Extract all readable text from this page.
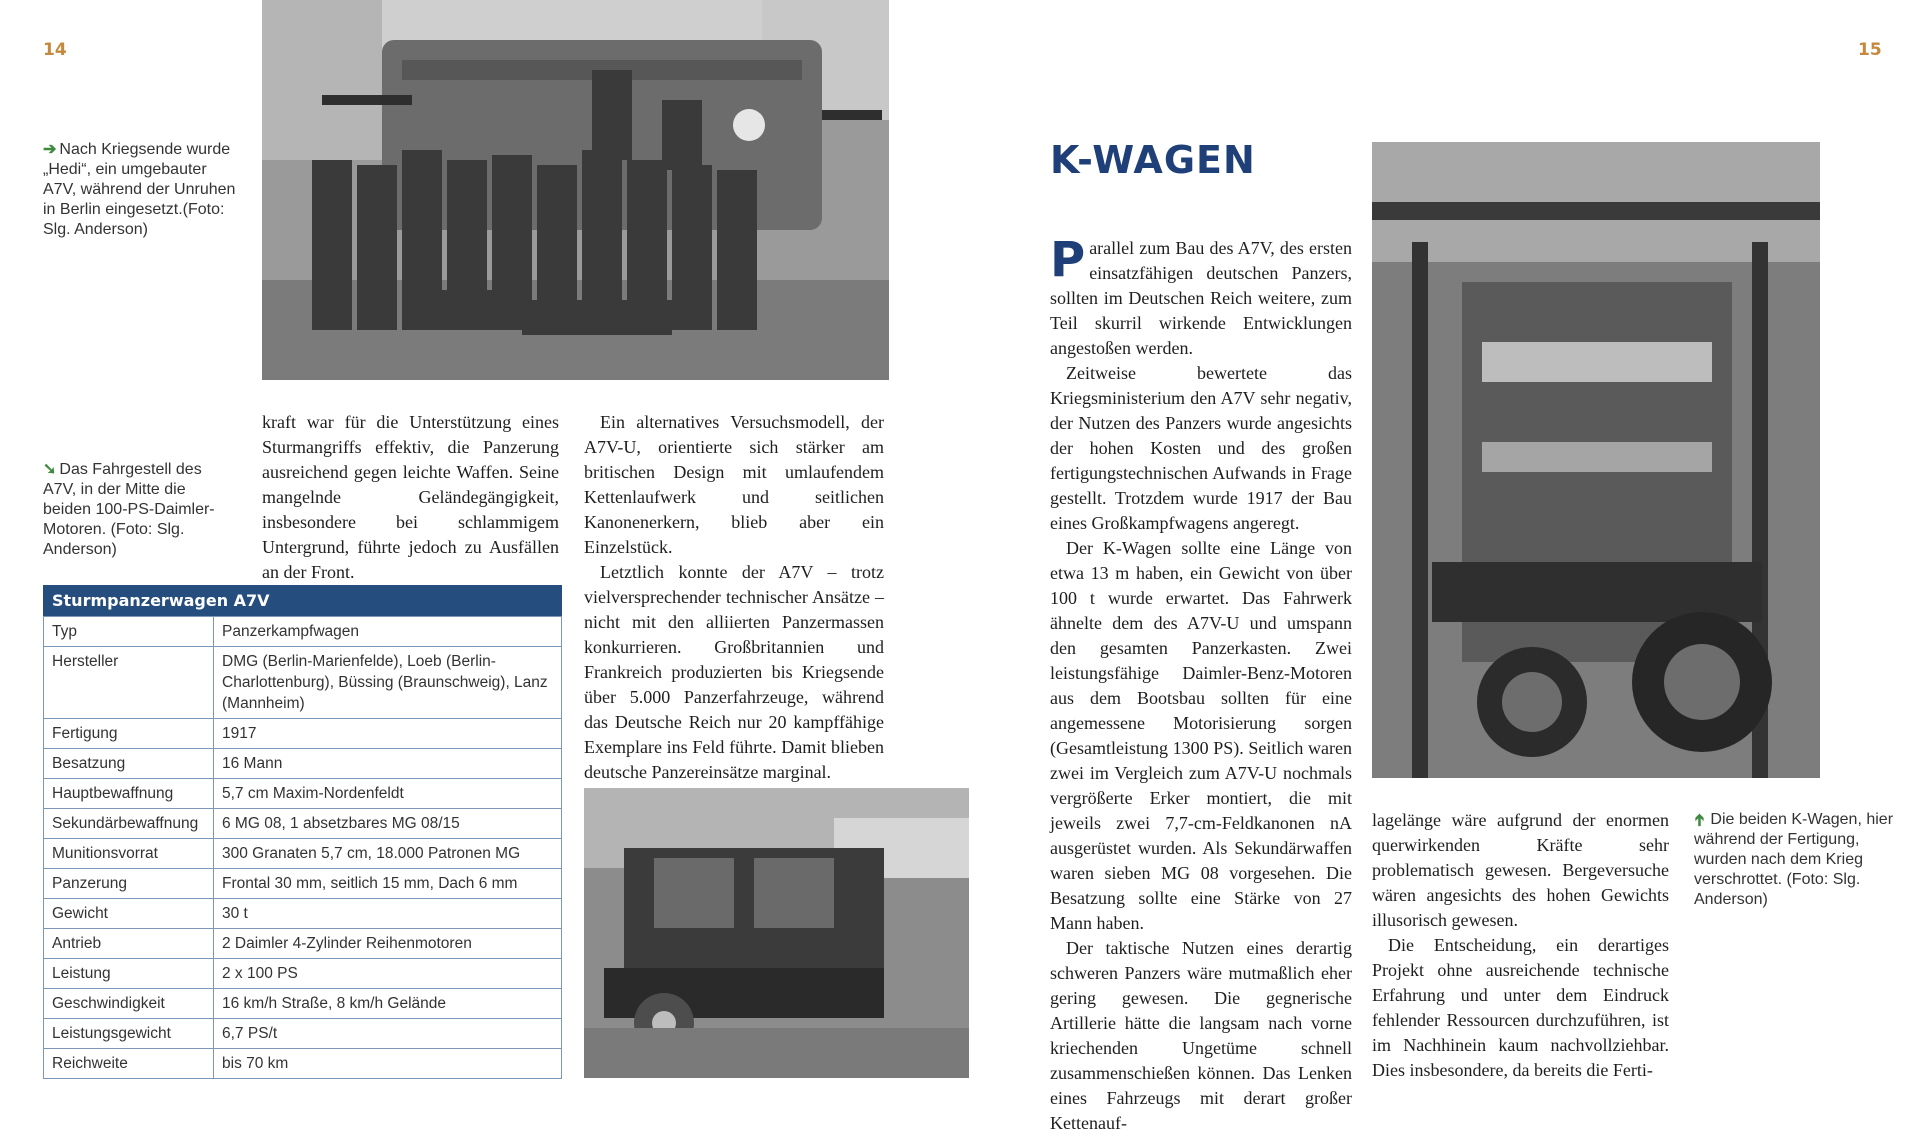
14
➔ Nach Kriegsende wurde „Hedi“, ein umgebauter A7V, während der Unruhen in Berlin eingesetzt.(Foto: Slg. Anderson)
➘ Das Fahrgestell des A7V, in der Mitte die beiden 100-PS-Daimler-Motoren. (Foto: Slg. Anderson)

kraft war für die Unterstützung eines Sturmangriffs effektiv, die Panzerung ausreichend gegen leichte Waffen. Seine mangelnde Geländegängigkeit, insbesondere bei schlammigem Untergrund, führte jedoch zu Ausfällen an der Front.

Ein alternatives Versuchsmodell, der A7V-U, orientierte sich stärker am britischen Design mit umlaufendem Kettenlaufwerk und seitlichen Kanonenerkern, blieb aber ein Einzelstück.

Letztlich konnte der A7V – trotz vielversprechender technischer Ansätze – nicht mit den alliierten Panzermassen konkurrieren. Großbritannien und Frankreich produzierten bis Kriegsende über 5.000 Panzerfahrzeuge, während das Deutsche Reich nur 20 kampffähige Exemplare ins Feld führte. Damit blieben deutsche Panzereinsätze marginal.

Sturmpanzerwagen A7V
Typ	Panzerkampfwagen
Hersteller	DMG (Berlin-Marienfelde), Loeb (Berlin-Charlottenburg), Büssing (Braunschweig), Lanz (Mannheim)
Fertigung	1917
Besatzung	16 Mann
Hauptbewaffnung	5,7 cm Maxim-Nordenfeldt
Sekundärbewaffnung	6 MG 08, 1 absetzbares MG 08/15
Munitionsvorrat	300 Granaten 5,7 cm, 18.000 Patronen MG
Panzerung	Frontal 30 mm, seitlich 15 mm, Dach 6 mm
Gewicht	30 t
Antrieb	2 Daimler 4-Zylinder Reihenmotoren
Leistung	2 x 100 PS
Geschwindigkeit	16 km/h Straße, 8 km/h Gelände
Leistungsgewicht	6,7 PS/t
Reichweite	bis 70 km
15
K-WAGEN

Parallel zum Bau des A7V, des ersten einsatzfähigen deutschen Panzers, sollten im Deutschen Reich weitere, zum Teil skurril wirkende Entwicklungen angestoßen werden.

Zeitweise bewertete das Kriegsministerium den A7V sehr negativ, der Nutzen des Panzers wurde angesichts der hohen Kosten und des großen fertigungstechnischen Aufwands in Frage gestellt. Trotzdem wurde 1917 der Bau eines Großkampfwagens angeregt.

Der K-Wagen sollte eine Länge von etwa 13 m haben, ein Gewicht von über 100 t wurde erwartet. Das Fahrwerk ähnelte dem des A7V-U und umspann den gesamten Panzerkasten. Zwei leistungsfähige Daimler-Benz-Motoren aus dem Bootsbau sollten für eine angemessene Motorisierung sorgen (Gesamtleistung 1300 PS). Seitlich waren zwei im Vergleich zum A7V-U nochmals vergrößerte Erker montiert, die mit jeweils zwei 7,7-cm-Feldkanonen nA ausgerüstet wurden. Als Sekundärwaffen waren sieben MG 08 vorgesehen. Die Besatzung sollte eine Stärke von 27 Mann haben.

Der taktische Nutzen eines derartig schweren Panzers wäre mutmaßlich eher gering gewesen. Die gegnerische Artillerie hätte die langsam nach vorne kriechenden Ungetüme schnell zusammenschießen können. Das Lenken eines Fahrzeugs mit derart großer Kettenauf-

lagelänge wäre aufgrund der enormen querwirkenden Kräfte sehr problematisch gewesen. Bergeversuche wären angesichts des hohen Gewichts illusorisch gewesen.

Die Entscheidung, ein derartiges Projekt ohne ausreichende technische Erfahrung und unter dem Eindruck fehlender Ressourcen durchzuführen, ist im Nachhinein kaum nachvollziehbar. Dies insbesondere, da bereits die Ferti-

➔ Die beiden K-Wagen, hier während der Fertigung, wurden nach dem Krieg verschrottet. (Foto: Slg. Anderson)
